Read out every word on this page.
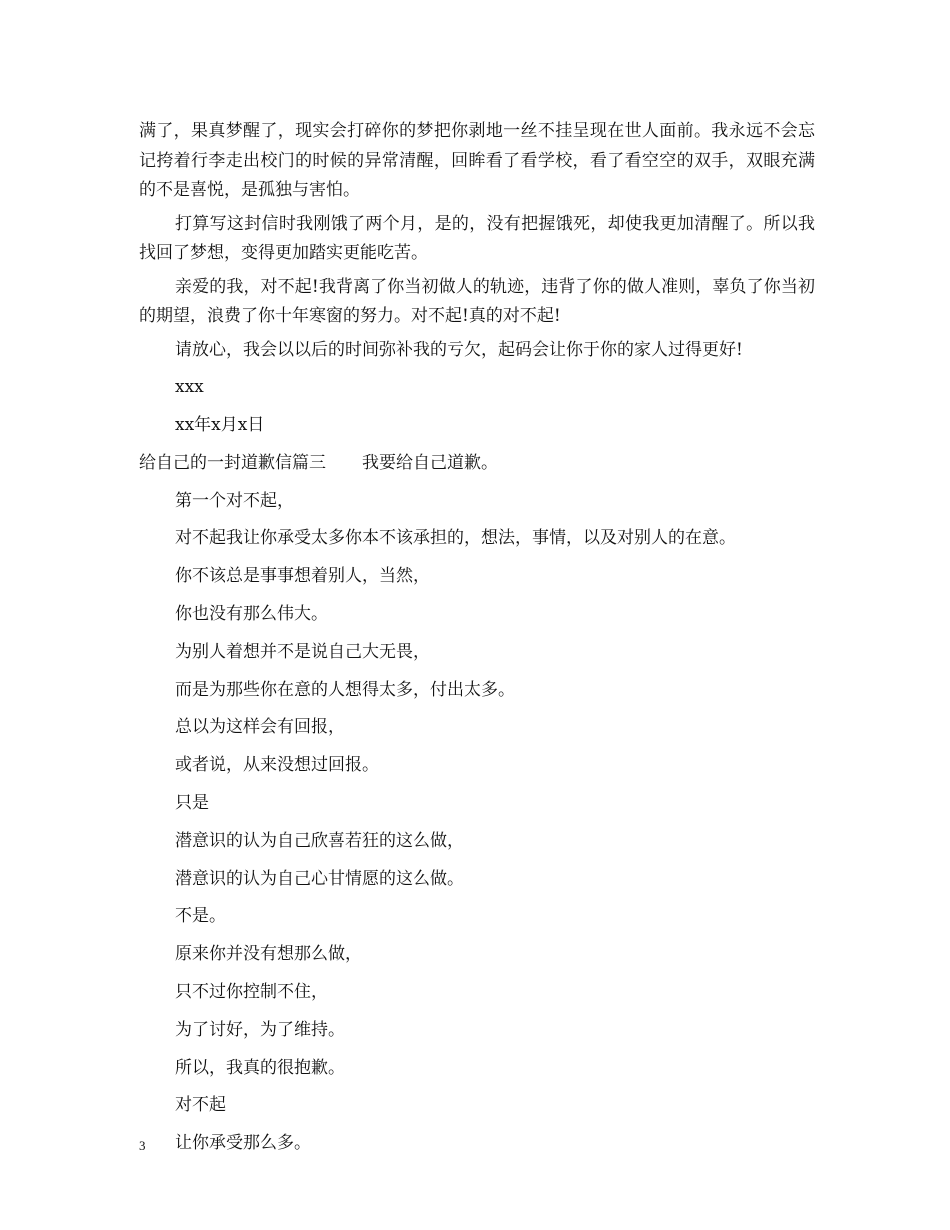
满了，果真梦醒了，现实会打碎你的梦把你剥地一丝不挂呈现在世人面前。我永远不会忘记挎着行李走出校门的时候的异常清醒，回眸看了看学校，看了看空空的双手，双眼充满的不是喜悦，是孤独与害怕。

打算写这封信时我刚饿了两个月，是的，没有把握饿死，却使我更加清醒了。所以我找回了梦想，变得更加踏实更能吃苦。

亲爱的我，对不起!我背离了你当初做人的轨迹，违背了你的做人准则，辜负了你当初的期望，浪费了你十年寒窗的努力。对不起!真的对不起!

请放心，我会以以后的时间弥补我的亏欠，起码会让你于你的家人过得更好!
xxx
xx年x月x日
给自己的一封道歉信篇三 我要给自己道歉。
第一个对不起，
对不起我让你承受太多你本不该承担的，想法，事情，以及对别人的在意。
你不该总是事事想着别人，当然，
你也没有那么伟大。
为别人着想并不是说自己大无畏，
而是为那些你在意的人想得太多，付出太多。
总以为这样会有回报，
或者说，从来没想过回报。
只是
潜意识的认为自己欣喜若狂的这么做，
潜意识的认为自己心甘情愿的这么做。
不是。
原来你并没有想那么做，
只不过你控制不住，
为了讨好，为了维持。
所以，我真的很抱歉。
对不起
让你承受那么多。
3
